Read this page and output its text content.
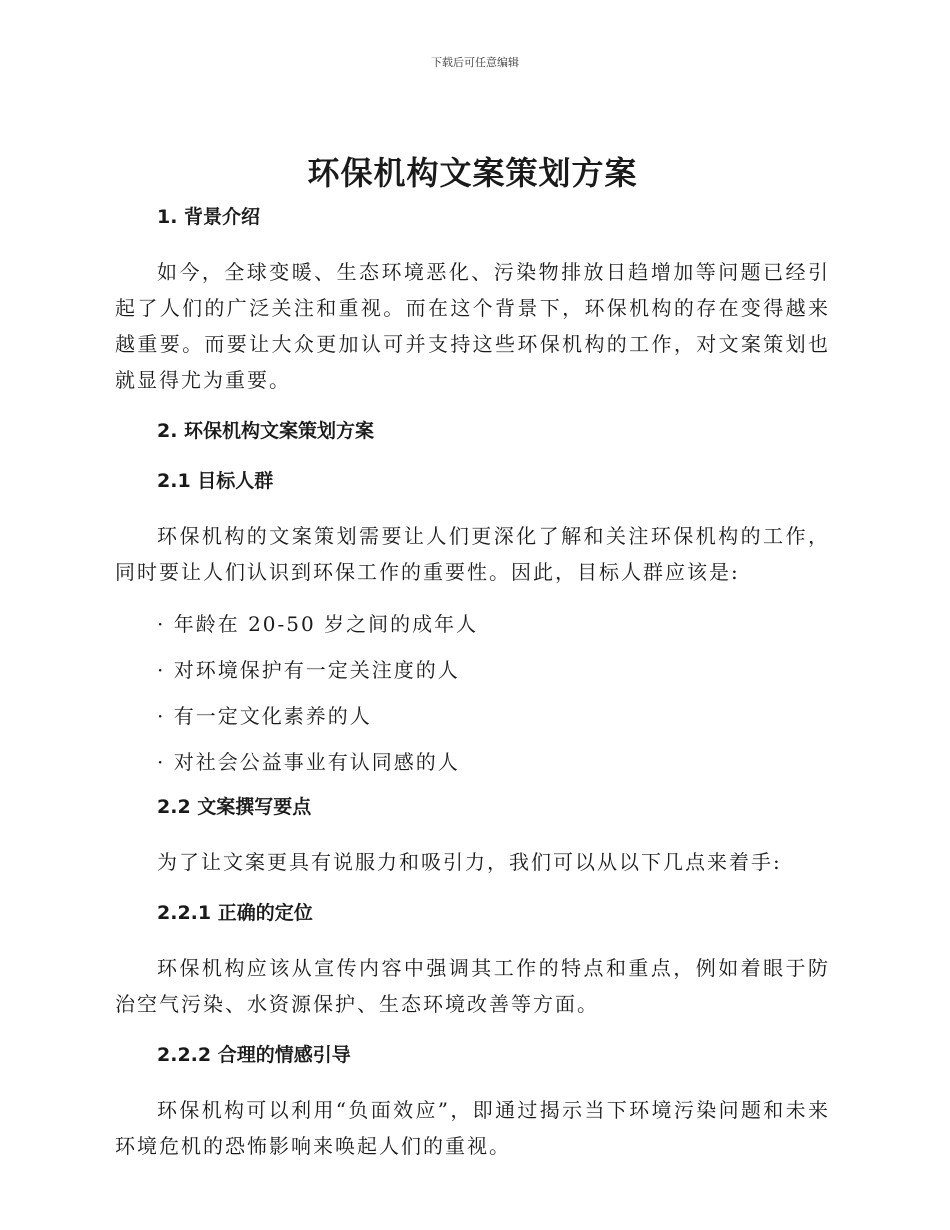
下载后可任意编辑
环保机构文案策划方案
1. 背景介绍

如今，全球变暖、生态环境恶化、污染物排放日趋增加等问题已经引起了人们的广泛关注和重视。而在这个背景下，环保机构的存在变得越来越重要。而要让大众更加认可并支持这些环保机构的工作，对文案策划也就显得尤为重要。

2. 环保机构文案策划方案
2.1 目标人群

环保机构的文案策划需要让人们更深化了解和关注环保机构的工作，同时要让人们认识到环保工作的重要性。因此，目标人群应该是:

· 年龄在 20-50 岁之间的成年人
· 对环境保护有一定关注度的人
· 有一定文化素养的人
· 对社会公益事业有认同感的人
2.2 文案撰写要点

为了让文案更具有说服力和吸引力，我们可以从以下几点来着手:

2.2.1 正确的定位

环保机构应该从宣传内容中强调其工作的特点和重点，例如着眼于防治空气污染、水资源保护、生态环境改善等方面。

2.2.2 合理的情感引导

环保机构可以利用“负面效应”，即通过揭示当下环境污染问题和未来环境危机的恐怖影响来唤起人们的重视。
